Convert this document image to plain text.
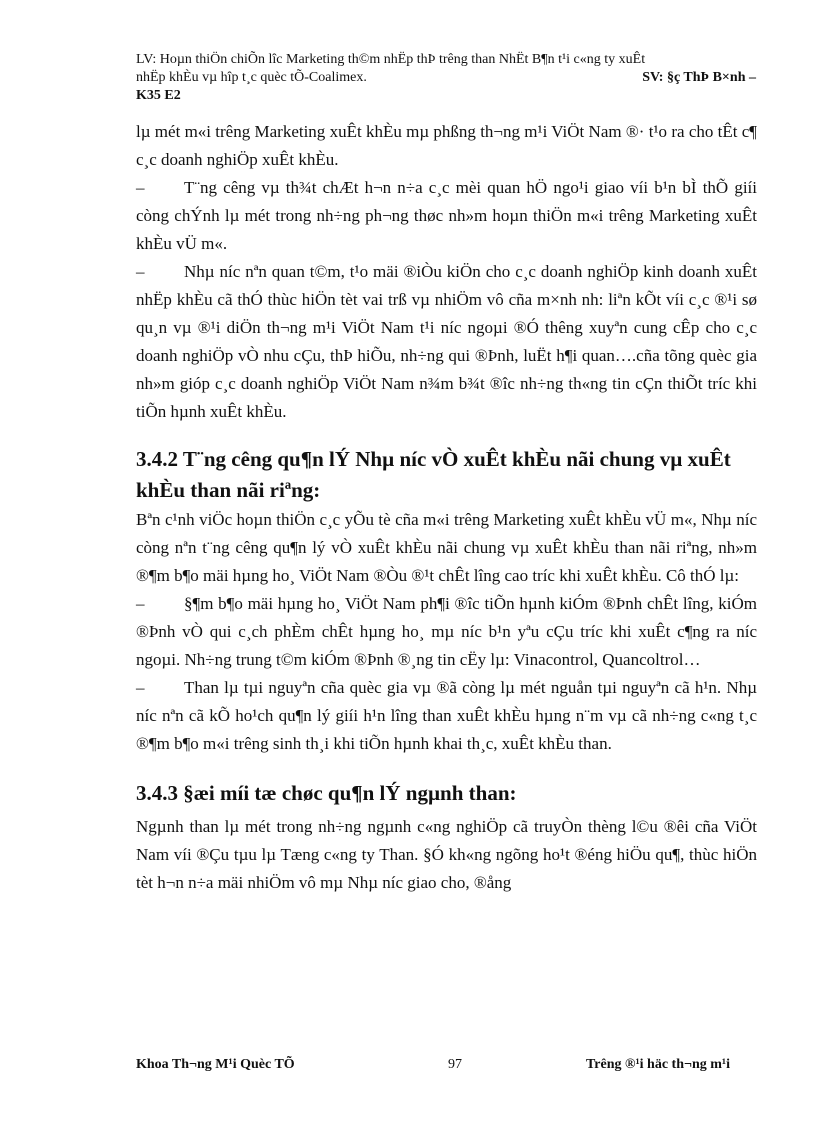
LV: Hoµn thiÖn chiÕn lîc Marketing th©m nhËp thÞ trêng than NhËt B¶n t¹i c«ng ty xuÊt
nhËp khÈu vµ hîp t¸c quèc tÕ-Coalimex.	SV: §ç ThÞ B×nh –
K35 E2

lµ mét m«i trêng Marketing xuÊt khÈu mµ phßng th¬ng m¹i ViÖt Nam ®· t¹o ra cho tÊt c¶ c¸c doanh nghiÖp xuÊt khÈu.

– T¨ng cêng vµ th¾t chÆt h¬n n÷a c¸c mèi quan hÖ ngo¹i giao víi b¹n bÌ thÕ giíi còng chÝnh lµ mét trong nh÷ng ph¬ng thøc nh»m hoµn thiÖn m«i trêng Marketing xuÊt khÈu vÜ m«.

– Nhµ níc nªn quan t©m, t¹o mäi ®iÒu kiÖn cho c¸c doanh nghiÖp kinh doanh xuÊt nhËp khÈu cã thÓ thùc hiÖn tèt vai trß vµ nhiÖm vô cña m×nh nh: liªn kÕt víi c¸c ®¹i sø qu¸n vµ ®¹i diÖn th¬ng m¹i ViÖt Nam t¹i níc ngoµi ®Ó thêng xuyªn cung cÊp cho c¸c doanh nghiÖp vÒ nhu cÇu, thÞ hiÕu, nh÷ng qui ®Þnh, luËt h¶i quan….cña tõng quèc gia nh»m gióp c¸c doanh nghiÖp ViÖt Nam n¾m b¾t ®îc nh÷ng th«ng tin cÇn thiÕt tríc khi tiÕn hµnh xuÊt khÈu.

3.4.2 T¨ng cêng qu¶n lÝ Nhµ níc vÒ xuÊt khÈu nãi chung vµ xuÊt khÈu than nãi riªng:

Bªn c¹nh viÖc hoµn thiÖn c¸c yÕu tè cña m«i trêng Marketing xuÊt khÈu vÜ m«, Nhµ níc còng nªn t¨ng cêng qu¶n lý vÒ xuÊt khÈu nãi chung vµ xuÊt khÈu than nãi riªng, nh»m ®¶m b¶o mäi hµng ho¸ ViÖt Nam ®Òu ®¹t chÊt lîng cao tríc khi xuÊt khÈu. Cô thÓ lµ:

– §¶m b¶o mäi hµng ho¸ ViÖt Nam ph¶i ®îc tiÕn hµnh kiÓm ®Þnh chÊt lîng, kiÓm ®Þnh vÒ qui c¸ch phÈm chÊt hµng ho¸ mµ níc b¹n yªu cÇu tríc khi xuÊt c¶ng ra níc ngoµi. Nh÷ng trung t©m kiÓm ®Þnh ®¸ng tin cËy lµ: Vinacontrol, Quancoltrol…

– Than lµ tµi nguyªn cña quèc gia vµ ®ã còng lµ mét nguån tµi nguyªn cã h¹n. Nhµ níc nªn cã kÕ ho¹ch qu¶n lý giíi h¹n lîng than xuÊt khÈu hµng n¨m vµ cã nh÷ng c«ng t¸c ®¶m b¶o m«i trêng sinh th¸i khi tiÕn hµnh khai th¸c, xuÊt khÈu than.

3.4.3 §æi míi tæ chøc qu¶n lÝ ngµnh than:

Ngµnh than lµ mét trong nh÷ng ngµnh c«ng nghiÖp cã truyÒn thèng l©u ®êi cña ViÖt Nam víi ®Çu tµu lµ Tæng c«ng ty Than. §Ó kh«ng ngõng ho¹t ®éng hiÖu qu¶, thùc hiÖn tèt h¬n n÷a mäi nhiÖm vô mµ Nhµ níc giao cho, ®ång

Khoa Th¬ng M¹i Quèc TÕ	97	Trêng ®¹i häc th¬ng m¹i
